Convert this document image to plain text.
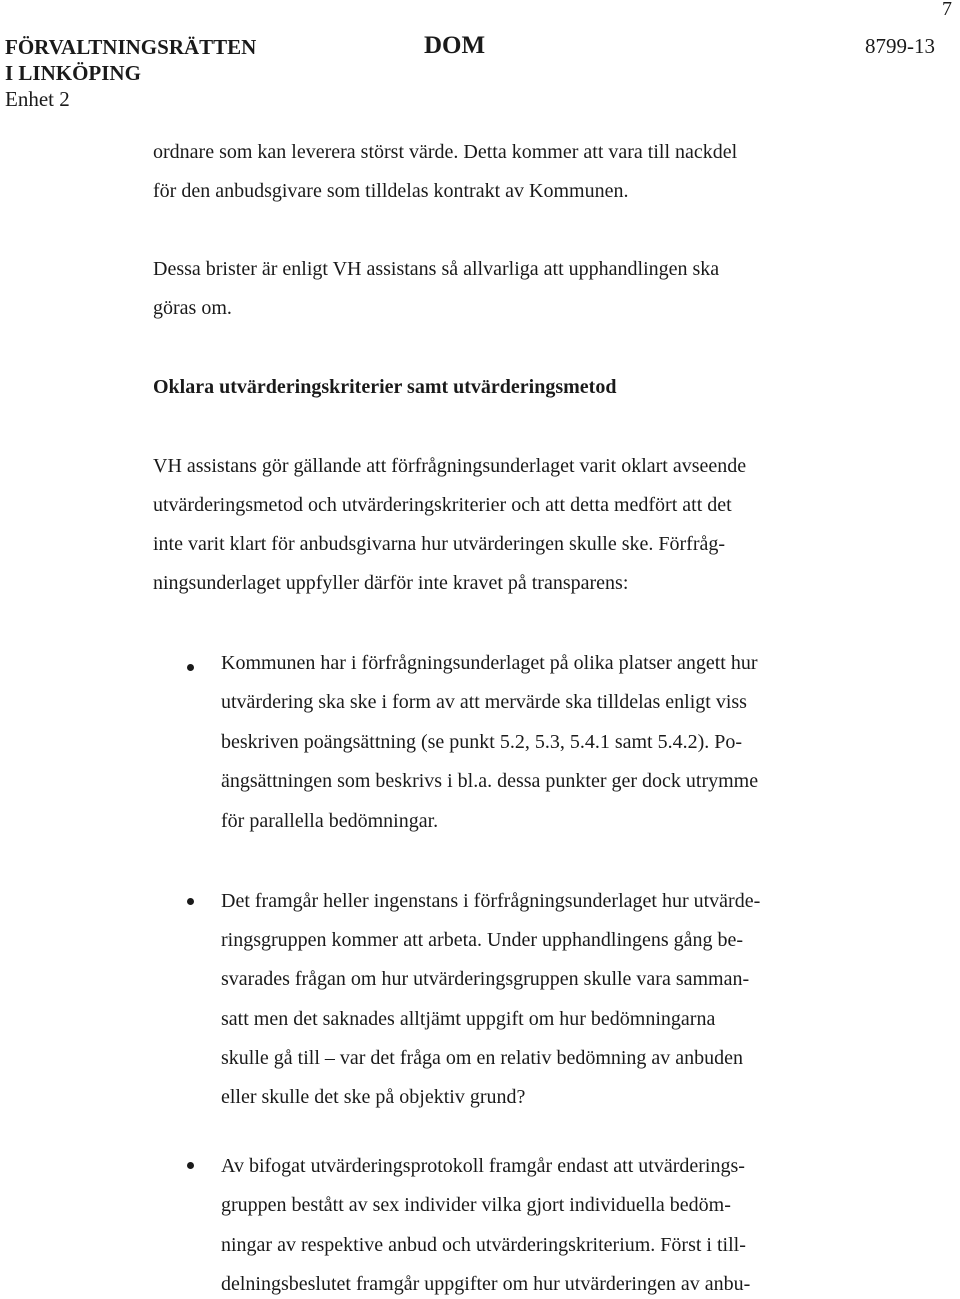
7
FÖRVALTNINGSRÄTTEN
I LINKÖPING
Enhet 2
DOM	8799-13
ordnare som kan leverera störst värde. Detta kommer att vara till nackdel
för den anbudsgivare som tilldelas kontrakt av Kommunen.
Dessa brister är enligt VH assistans så allvarliga att upphandlingen ska
göras om.
Oklara utvärderingskriterier samt utvärderingsmetod
VH assistans gör gällande att förfrågningsunderlaget varit oklart avseende
utvärderingsmetod och utvärderingskriterier och att detta medfört att det
inte varit klart för anbudsgivarna hur utvärderingen skulle ske. Förfråg-
ningsunderlaget uppfyller därför inte kravet på transparens:
Kommunen har i förfrågningsunderlaget på olika platser angett hur
utvärdering ska ske i form av att mervärde ska tilldelas enligt viss
beskriven poängsättning (se punkt 5.2, 5.3, 5.4.1 samt 5.4.2). Po-
ängsättningen som beskrivs i bl.a. dessa punkter ger dock utrymme
för parallella bedömningar.
Det framgår heller ingenstans i förfrågningsunderlaget hur utvärde-
ringsgruppen kommer att arbeta. Under upphandlingens gång be-
svarades frågan om hur utvärderingsgruppen skulle vara samman-
satt men det saknades alltjämt uppgift om hur bedömningarna
skulle gå till – var det fråga om en relativ bedömning av anbuden
eller skulle det ske på objektiv grund?
Av bifogat utvärderingsprotokoll framgår endast att utvärderings-
gruppen bestått av sex individer vilka gjort individuella bedöm-
ningar av respektive anbud och utvärderingskriterium. Först i till-
delningsbeslutet framgår uppgifter om hur utvärderingen av anbu-
